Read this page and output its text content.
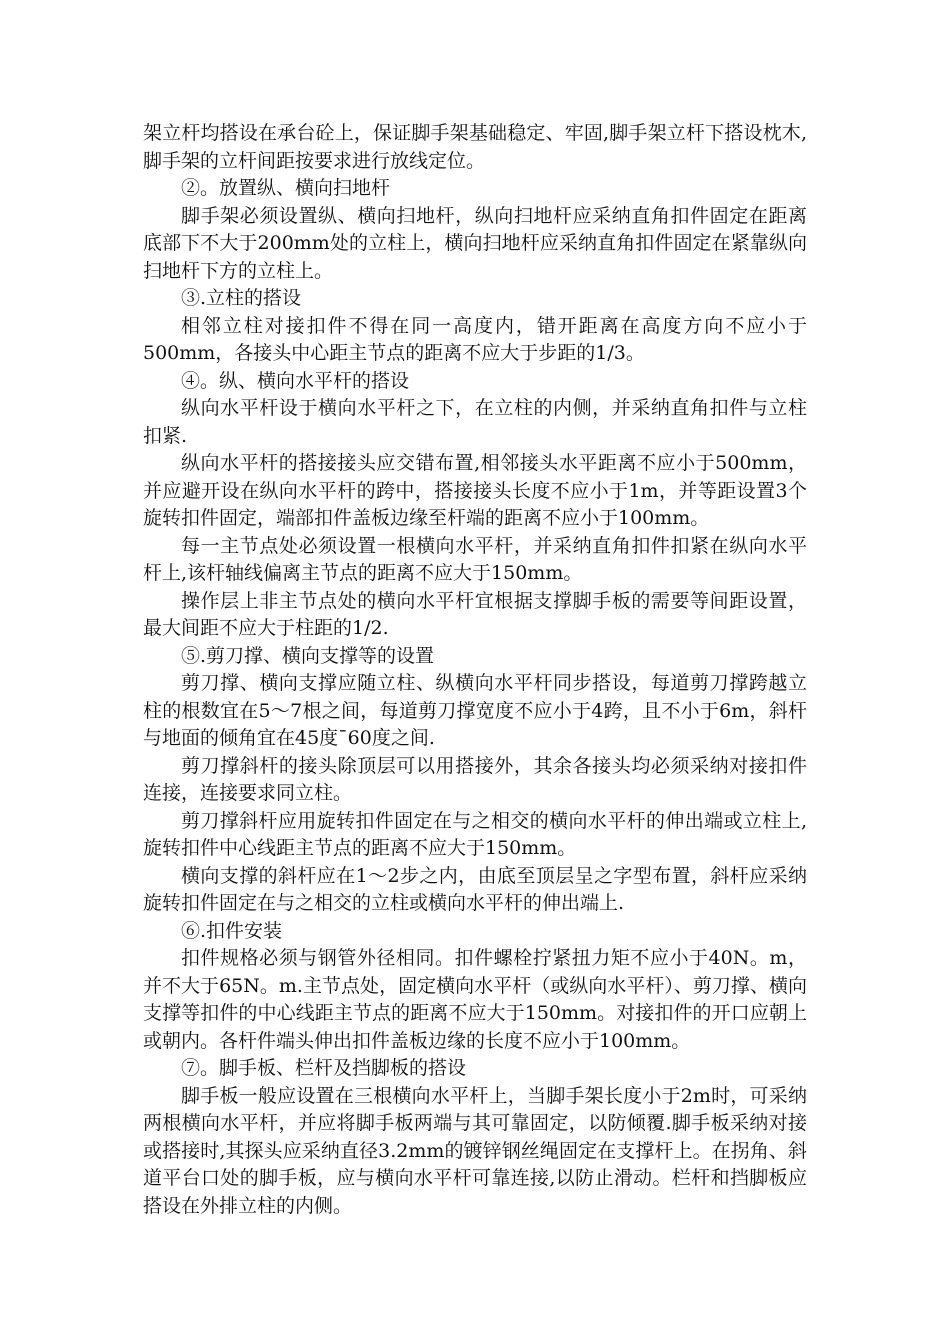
架立杆均搭设在承台砼上，保证脚手架基础稳定、牢固,脚手架立杆下搭设枕木,脚手架的立杆间距按要求进行放线定位。

②。放置纵、横向扫地杆

脚手架必须设置纵、横向扫地杆，纵向扫地杆应采纳直角扣件固定在距离底部下不大于200mm处的立柱上，横向扫地杆应采纳直角扣件固定在紧靠纵向扫地杆下方的立柱上。

③.立柱的搭设

相邻立柱对接扣件不得在同一高度内，错开距离在高度方向不应小于500mm，各接头中心距主节点的距离不应大于步距的1/3。

④。纵、横向水平杆的搭设

纵向水平杆设于横向水平杆之下，在立柱的内侧，并采纳直角扣件与立柱扣紧.

纵向水平杆的搭接接头应交错布置,相邻接头水平距离不应小于500mm，并应避开设在纵向水平杆的跨中，搭接接头长度不应小于1m，并等距设置3个旋转扣件固定，端部扣件盖板边缘至杆端的距离不应小于100mm。

每一主节点处必须设置一根横向水平杆，并采纳直角扣件扣紧在纵向水平杆上,该杆轴线偏离主节点的距离不应大于150mm。

操作层上非主节点处的横向水平杆宜根据支撑脚手板的需要等间距设置，最大间距不应大于柱距的1/2.

⑤.剪刀撑、横向支撑等的设置

剪刀撑、横向支撑应随立柱、纵横向水平杆同步搭设，每道剪刀撑跨越立柱的根数宜在5～7根之间，每道剪刀撑宽度不应小于4跨，且不小于6m，斜杆与地面的倾角宜在45度¯60度之间.

剪刀撑斜杆的接头除顶层可以用搭接外，其余各接头均必须采纳对接扣件连接，连接要求同立柱。

剪刀撑斜杆应用旋转扣件固定在与之相交的横向水平杆的伸出端或立柱上,旋转扣件中心线距主节点的距离不应大于150mm。

横向支撑的斜杆应在1～2步之内，由底至顶层呈之字型布置，斜杆应采纳旋转扣件固定在与之相交的立柱或横向水平杆的伸出端上.

⑥.扣件安装

扣件规格必须与钢管外径相同。扣件螺栓拧紧扭力矩不应小于40N。m，并不大于65N。m.主节点处，固定横向水平杆（或纵向水平杆）、剪刀撑、横向支撑等扣件的中心线距主节点的距离不应大于150mm。对接扣件的开口应朝上或朝内。各杆件端头伸出扣件盖板边缘的长度不应小于100mm。

⑦。脚手板、栏杆及挡脚板的搭设

脚手板一般应设置在三根横向水平杆上，当脚手架长度小于2m时，可采纳两根横向水平杆，并应将脚手板两端与其可靠固定，以防倾覆.脚手板采纳对接或搭接时,其探头应采纳直径3.2mm的镀锌钢丝绳固定在支撑杆上。在拐角、斜道平台口处的脚手板，应与横向水平杆可靠连接,以防止滑动。栏杆和挡脚板应搭设在外排立柱的内侧。
